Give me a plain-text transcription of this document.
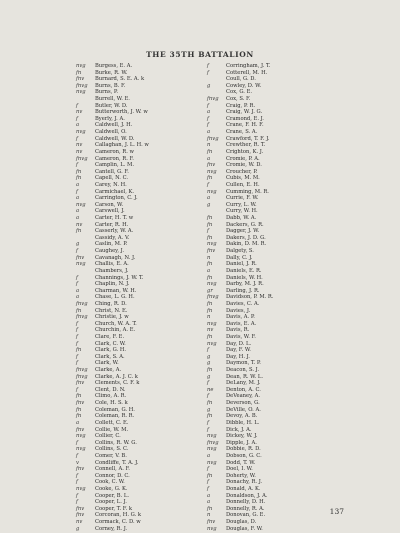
THE 35TH BATTALION
nvg Burgess, E. A.
fn	Burke, R. W.
fnv Burnard, S. E. A. k
fnvg Burns, B. F.
nvg Burns, P.
Burrell, W. E.
f	Butler, W. D.
nv Butterworth, J. W. w
f	Byerly, J. A.
a	Caldwell, J. H.
nvg Caldwell, O.
f	Caldwell, W. D.
nv Callaghan, J. L. H. w
nv Cameron, R. w
fnvg Cameron, R. F.
f	Camplin, L. M.
fn	Cantell, G. F.
fn	Capell, N. C.
a	Carey, N. H.
f	Carmichael, K.
a	Carrington, C. J.
nvg Carson, W.
a	Carswell, J.
a	Carter, H. T. w
nv Carter, R. H.
fn	Casserly, W. A.
Cassidy, A. V.
g	Caslin, M. P.
f	Caughey, J.
fnv Cavanagh, N. J.
nvg Challis, E. A.
Chambers, J.
f	Channings, J. W. T.
f	Chaplin, N. J.
a	Charman, W. H.
a	Chase, L. G. H.
fnvg Ching, R. D.
fn	Christ, N. E.
fnvg Christie, J. w
f	Church, W. A. T.
f	Churchin, A. E.
f	Clare, F. E.
f	Clark, C. W.
fn	Clark, G. H.
f	Clark, S. A.
f	Clark, W.
fnvg Clarke, A.
fnvg Clarke, A. J. C. k
fnv Clements, C. F. k
f	Clent, D. N.
fn	Climo, A. R.
fnv Cole, H. S. k
fn	Coleman, G. H.
fn	Coleman, R. R.
a	Collett, C. E.
fnv Collie, W. M.
nvg Collier, C.
f	Collins, R. W. G.
nvg Collins, S. C.
f	Comer, V. B.
v	Condliffe, T. A. J.
fnv Connell, A. F.
f	Connor, D. C.
f	Cook, C. W.
nvg Cooke, G. K.
f	Cooper, B. L.
f	Cooper, L. J.
fnv Cooper, T. F. k
fnv Corcoran, H. G. k
nv Cormack, C. D. w
g	Corney, R. J.
f	Corringham, J. T.
f	Cotterell, M. H.
Coull, G. D.
g	Cowley, D. W.
Cox, G. E.
fnvg Cox, S. F.
f	Craig, P. R.
a	Craig, W. J. G.
f	Cramond, E. J.
f	Crane, F. H. F.
a	Crane, S. A.
fnvg Crawford, T. F. J.
n	Crewther, R. T.
fn	Crighton, K. J.
a	Cromie, P. A.
fnv Cromie, W. D.
nvg Croucher, P.
fn	Cubis, M. M.
f	Cullen, E. H.
nvg Cumming, M. R.
a	Currie, F. W.
g	Curry, L. W.
Curry, W. H.
fn	Dabb, W. A.
fn	Dackers, G. R.
f	Dagger, J. W.
fn	Dakers, J. D. G.
nvg Dakin, D. M. R.
fnv Dalgety, S.
n	Dally, C. J.
fn	Daniel, J. R.
a	Daniels, E. R.
fn	Daniels, W. H.
nvg Darby, M. J. R.
gr	Darling, J. R.
fnvg Davidson, P. M. R.
fn	Davies, C. A.
fn	Davies, J.
n	Davis, A. P.
nvg Davis, E. A.
nv Davis, R.
fn	Davis, W. F.
nvg Day, D. L.
f	Day, F. W.
g	Day, H. J.
g	Daymon, T. P.
fn	Deacon, S. J.
g	Dean, R. W. L.
f	DeLany, M. J.
ne Denton, A. C.
f	DeVeaney, A.
fn	Deverson, G.
g	DeVille, O. A.
fn	Devoy, A. B.
f	Dibble, H. L.
f	Dick, J. A.
nvg Dickey, W. J.
fnvg Dipple, J. A.
nvg Dobbie, R. D.
a	Dobson, G. C.
nvg Dodd, T. W.
f	Doel, I. W.
fn	Doherty, W.
f	Donachy, R. J.
f	Donald, A. K.
a	Donaldson, J. A.
a	Donnelly, D. H.
fn	Donnelly, R. A.
n	Donovan, G. E.
fnv Douglas, D.
nvg Douglas, F. W.
137
